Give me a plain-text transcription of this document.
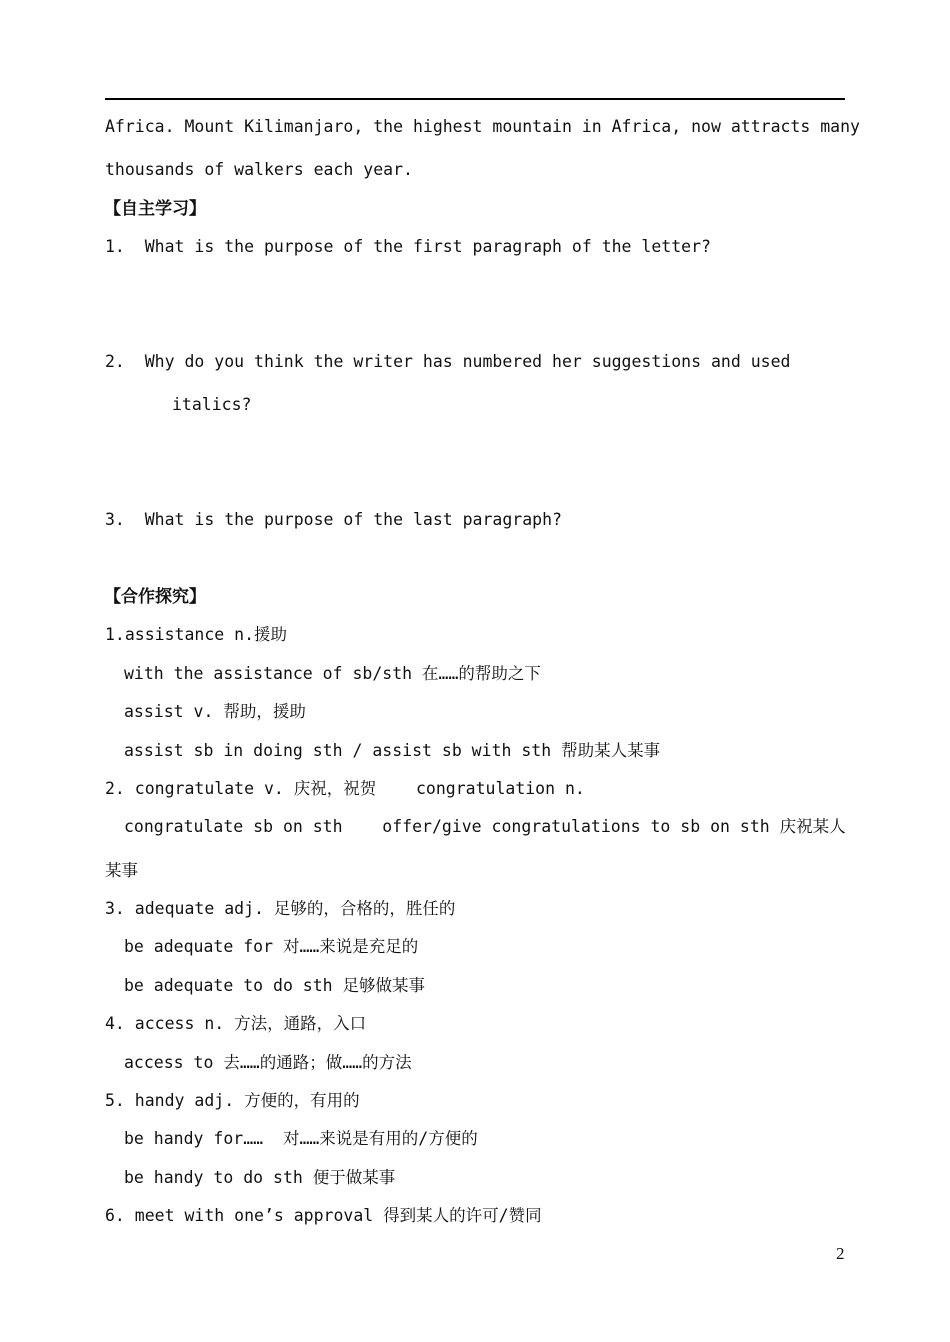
Africa. Mount Kilimanjaro, the highest mountain in Africa, now attracts many
thousands of walkers each year.
【自主学习】
1.  What is the purpose of the first paragraph of the letter?
2.  Why do you think the writer has numbered her suggestions and used
italics?
3.  What is the purpose of the last paragraph?
【合作探究】
1.assistance n.援助
with the assistance of sb/sth 在……的帮助之下
assist v. 帮助，援助
assist sb in doing sth / assist sb with sth 帮助某人某事
2. congratulate v. 庆祝，祝贺    congratulation n.
congratulate sb on sth    offer/give congratulations to sb on sth 庆祝某人
某事
3. adequate adj. 足够的，合格的，胜任的
be adequate for 对……来说是充足的
be adequate to do sth 足够做某事
4. access n. 方法，通路，入口
access to 去……的通路；做……的方法
5. handy adj. 方便的，有用的
be handy for……  对……来说是有用的/方便的
be handy to do sth 便于做某事
6. meet with one’s approval 得到某人的许可/赞同
2
